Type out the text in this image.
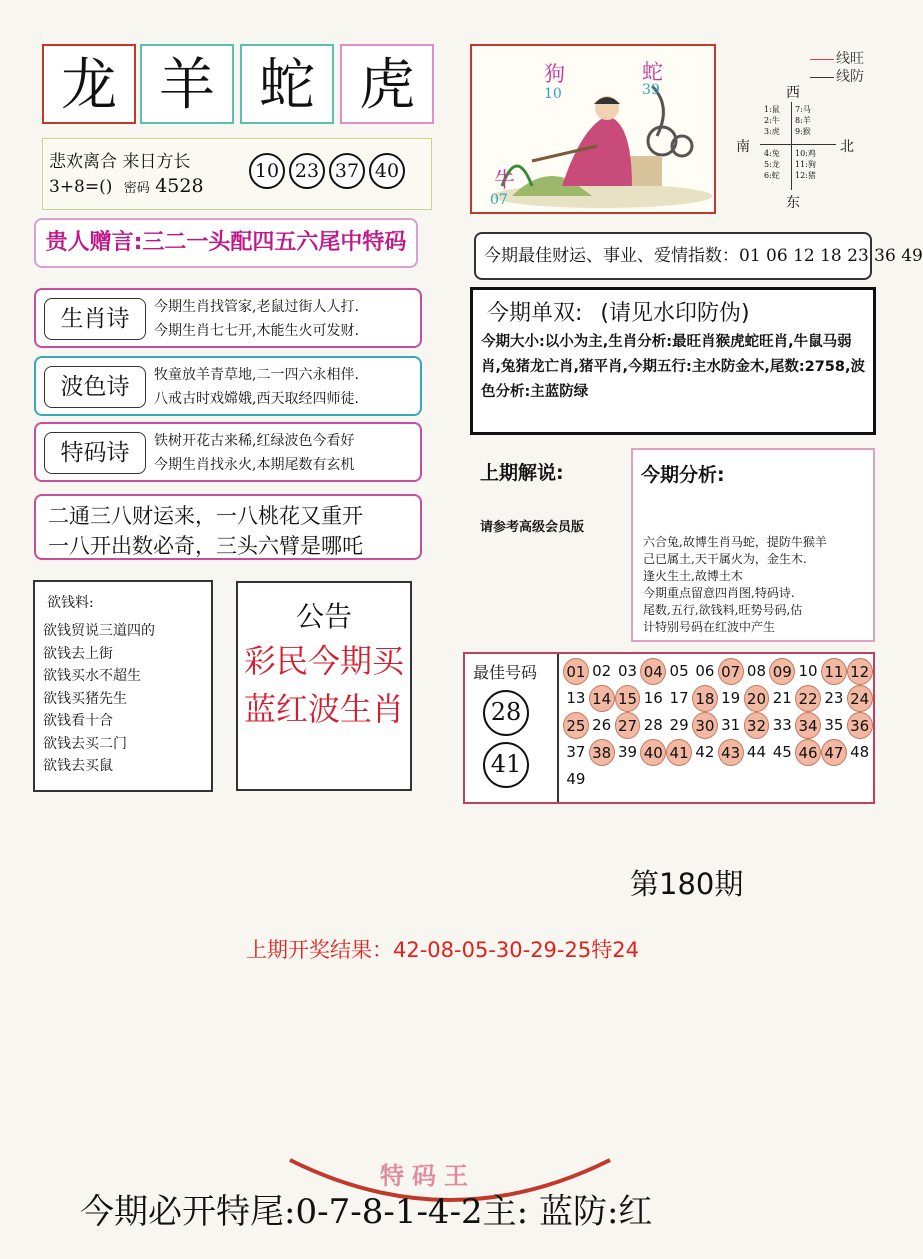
龙 羊 蛇 虎
悲欢离合 来日方长
3+8=() 密码 4528
10 23 37 40
贵人赠言:三二一头配四五六尾中特码
生肖诗	今期生肖找管家,老鼠过街人人打.
今期生肖七七开,木能生火可发财.
波色诗	牧童放羊青草地,二一四六永相伴.
八戒古时戏嫦娥,西天取经四师徒.
特码诗	铁树开花古来稀,红绿波色今看好
今期生肖找永火,本期尾数有玄机
二通三八财运来，一八桃花又重开
一八开出数必奇，三头六臂是哪吒
欲钱料:
欲钱贸说三道四的
欲钱去上街
欲钱买水不超生
欲钱买猪先生
欲钱看十合
欲钱去买二门
欲钱去买鼠
公告
彩民今期买
蓝红波生肖
狗
10
蛇
39
牛
07
线旺
线防
西
东
南	北
1:鼠
2:牛
3:虎
7:马
8:羊
9:猴
4:兔
5:龙
6:蛇
10:鸡
11:狗
12:猪
今期最佳财运、事业、爱情指数：01 06 12 18 23 36 49
今期单双: (请见水印防伪)
今期大小:以小为主,生肖分析:最旺肖猴虎蛇旺肖,牛鼠马弱肖,兔猪龙亡肖,猪平肖,今期五行:主水防金木,尾数:2758,波色分析:主蓝防绿
上期解说:
请参考高级会员版
今期分析:
六合兔,故博生肖马蛇，提防牛猴羊
己已属土,天干属火为，金生木.
逢火生土,故博土木
今期重点留意四肖图,特码诗.
尾数,五行,欲钱料,旺势号码,估
计特别号码在红波中产生
最佳号码
28
41
01 02 03 04 05 06 07 08 09 10 11 12
13 14 15 16 17 18 19 20 21 22 23 24
25 26 27 28 29 30 31 32 33 34 35 36
37 38 39 40 41 42 43 44 45 46 47 48
49
第180期
上期开奖结果：42-08-05-30-29-25特24
特码王
今期必开特尾:0-7-8-1-4-2主: 蓝防:红
